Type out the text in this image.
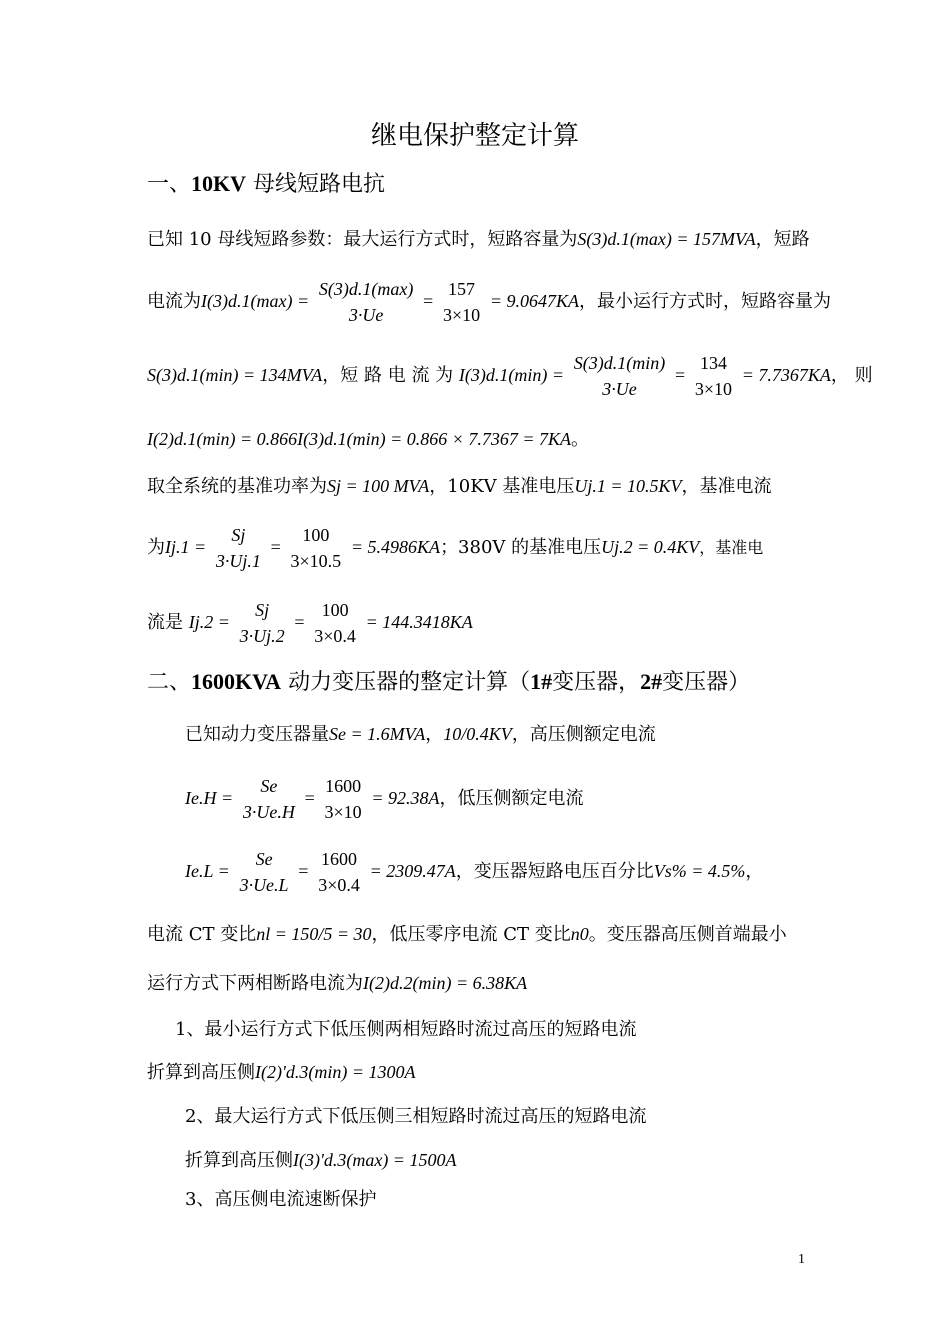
继电保护整定计算
一、10KV 母线短路电抗
已知 10 母线短路参数：最大运行方式时，短路容量为S(3)d.1(max) = 157MVA，短路
电流为I(3)d.1(max) =
S(3)d.1(max)
3·Ue
=
157
3×10
= 9.0647KA，最小运行方式时，短路容量为
S(3)d.1(min) = 134MVA，短 路 电 流 为 I(3)d.1(min) =
S(3)d.1(min)
3·Ue
=
134
3×10
= 7.7367KA， 则
I(2)d.1(min) = 0.866I(3)d.1(min) = 0.866 × 7.7367 = 7KA。
取全系统的基准功率为Sj = 100 MVA，10KV 基准电压Uj.1 = 10.5KV，基准电流
为Ij.1 =
Sj
3·Uj.1
=
100
3×10.5
= 5.4986KA；380V 的基准电压Uj.2 = 0.4KV，基准电
流是 Ij.2 =
Sj
3·Uj.2
=
100
3×0.4
= 144.3418KA
二、1600KVA 动力变压器的整定计算（1#变压器，2#变压器）
已知动力变压器量Se = 1.6MVA，10/0.4KV，高压侧额定电流
Ie.H =
Se
3·Ue.H
=
1600
3×10
= 92.38A，低压侧额定电流
Ie.L =
Se
3·Ue.L
=
1600
3×0.4
= 2309.47A，变压器短路电压百分比Vs% = 4.5%，
电流 CT 变比nl = 150/5 = 30，低压零序电流 CT 变比n0。变压器高压侧首端最小
运行方式下两相断路电流为I(2)d.2(min) = 6.38KA
1、最小运行方式下低压侧两相短路时流过高压的短路电流
折算到高压侧I(2)'d.3(min) = 1300A
2、最大运行方式下低压侧三相短路时流过高压的短路电流
折算到高压侧I(3)'d.3(max) = 1500A
3、高压侧电流速断保护
1
